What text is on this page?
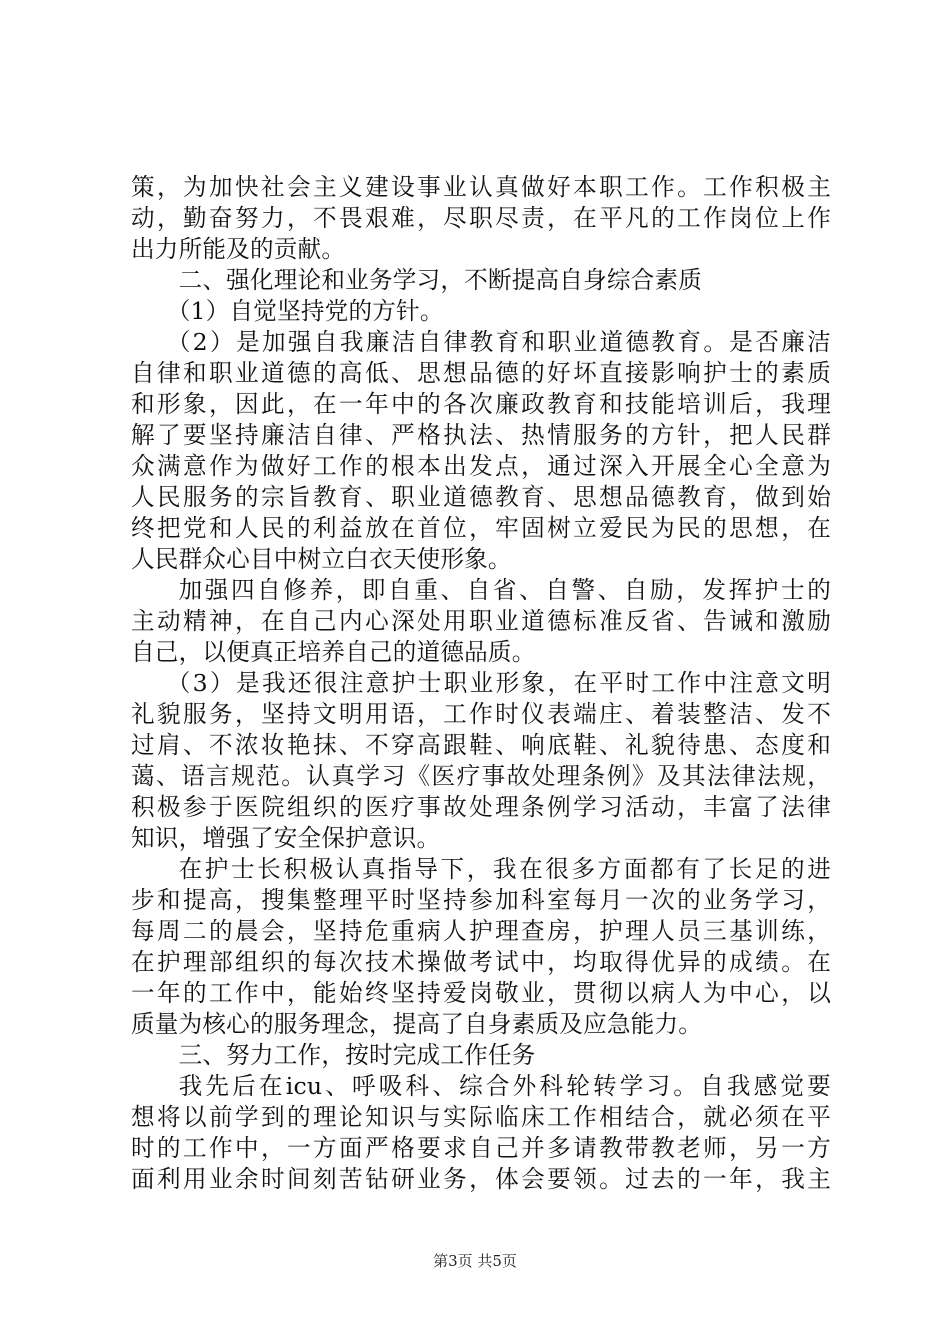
策，为加快社会主义建设事业认真做好本职工作。工作积极主
动，勤奋努力，不畏艰难，尽职尽责，在平凡的工作岗位上作
出力所能及的贡献。
二、强化理论和业务学习，不断提高自身综合素质
（1）自觉坚持党的方针。
（2）是加强自我廉洁自律教育和职业道德教育。是否廉洁
自律和职业道德的高低、思想品德的好坏直接影响护士的素质
和形象，因此，在一年中的各次廉政教育和技能培训后，我理
解了要坚持廉洁自律、严格执法、热情服务的方针，把人民群
众满意作为做好工作的根本出发点，通过深入开展全心全意为
人民服务的宗旨教育、职业道德教育、思想品德教育，做到始
终把党和人民的利益放在首位，牢固树立爱民为民的思想，在
人民群众心目中树立白衣天使形象。
加强四自修养，即自重、自省、自警、自励，发挥护士的
主动精神，在自己内心深处用职业道德标准反省、告诫和激励
自己，以便真正培养自己的道德品质。
（3）是我还很注意护士职业形象，在平时工作中注意文明
礼貌服务，坚持文明用语，工作时仪表端庄、着装整洁、发不
过肩、不浓妆艳抹、不穿高跟鞋、响底鞋、礼貌待患、态度和
蔼、语言规范。认真学习《医疗事故处理条例》及其法律法规，
积极参于医院组织的医疗事故处理条例学习活动，丰富了法律
知识，增强了安全保护意识。
在护士长积极认真指导下，我在很多方面都有了长足的进
步和提高，搜集整理平时坚持参加科室每月一次的业务学习，
每周二的晨会，坚持危重病人护理查房，护理人员三基训练，
在护理部组织的每次技术操做考试中，均取得优异的成绩。在
一年的工作中，能始终坚持爱岗敬业，贯彻以病人为中心，以
质量为核心的服务理念，提高了自身素质及应急能力。
三、努力工作，按时完成工作任务
我先后在icu、呼吸科、综合外科轮转学习。自我感觉要
想将以前学到的理论知识与实际临床工作相结合，就必须在平
时的工作中，一方面严格要求自己并多请教带教老师，另一方
面利用业余时间刻苦钻研业务，体会要领。过去的一年，我主
第3页 共5页
